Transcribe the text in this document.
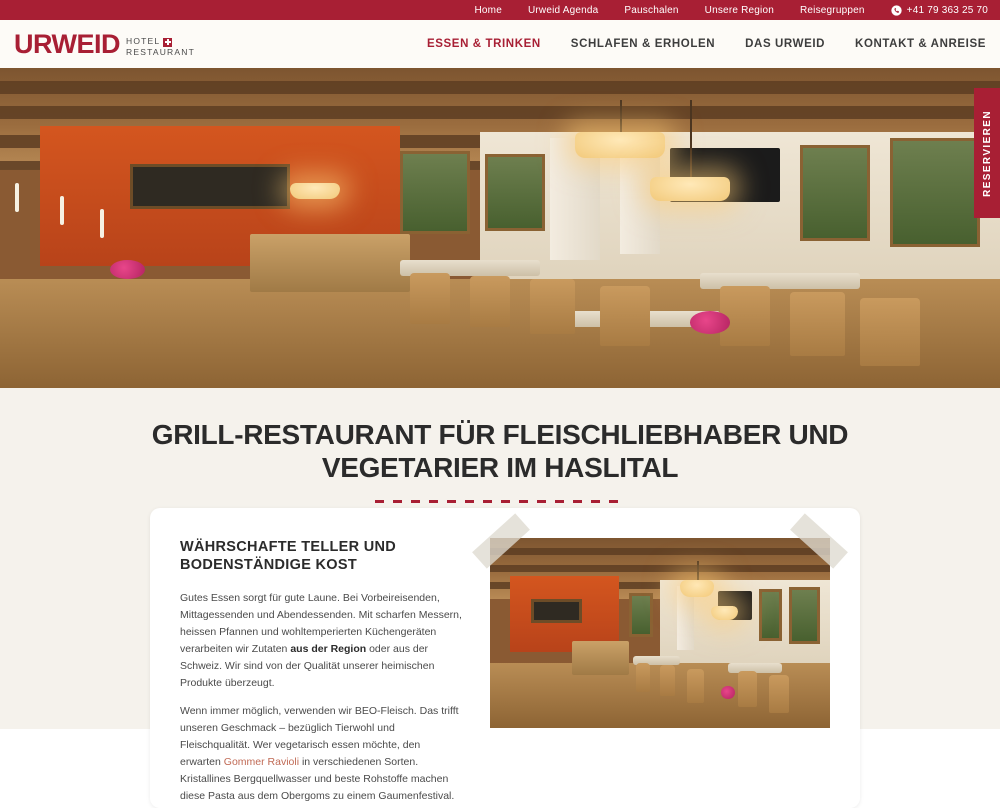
Home	Urweid Agenda	Pauschalen	Unsere Region	Reisegruppen	+41 79 363 25 70
URWEID HOTEL
RESTAURANT
ESSEN & TRINKEN	SCHLAFEN & ERHOLEN	DAS URWEID	KONTAKT & ANREISE
RESERVIEREN
GRILL-RESTAURANT FÜR FLEISCHLIEBHABER UND
VEGETARIER IM HASLITAL
WÄHRSCHAFTE TELLER UND
BODENSTÄNDIGE KOST

Gutes Essen sorgt für gute Laune. Bei Vorbeireisenden, Mittagessenden und Abendessenden. Mit scharfen Messern, heissen Pfannen und wohltemperierten Küchengeräten verarbeiten wir Zutaten aus der Region oder aus der Schweiz. Wir sind von der Qualität unserer heimischen Produkte überzeugt.

Wenn immer möglich, verwenden wir BEO-Fleisch. Das trifft unseren Geschmack – bezüglich Tierwohl und Fleischqualität. Wer vegetarisch essen möchte, den erwarten Gommer Ravioli in verschiedenen Sorten. Kristallines Bergquellwasser und beste Rohstoffe machen diese Pasta aus dem Obergoms zu einem Gaumenfestival.
